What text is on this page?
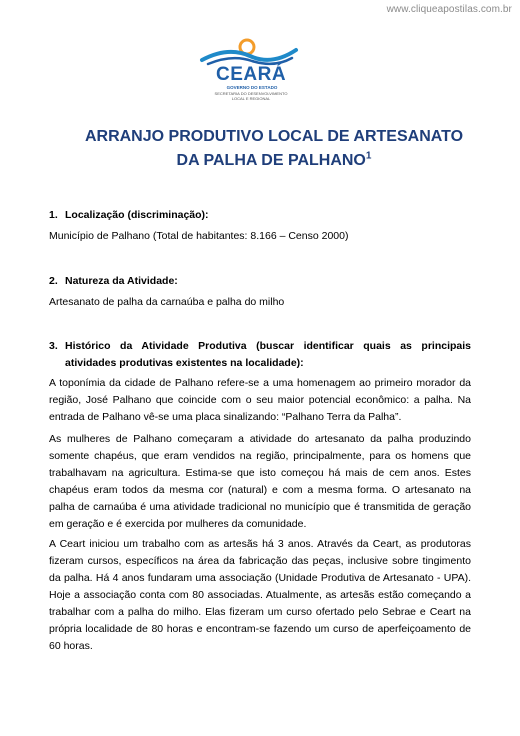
www.cliqueapostilas.com.br
CEARÁ
GOVERNO DO ESTADO
SECRETARIA DO DESENVOLVIMENTO
LOCAL E REGIONAL
ARRANJO PRODUTIVO LOCAL DE ARTESANATO
DA PALHA DE PALHANO$^1$
1. Localização (discriminação):
Município de Palhano (Total de habitantes: 8.166 – Censo 2000)
2. Natureza da Atividade:
Artesanato de palha da carnaúba e palha do milho
3. Histórico da Atividade Produtiva (buscar identificar quais as principais atividades produtivas existentes na localidade):
A toponímia da cidade de Palhano refere-se a uma homenagem ao primeiro morador da região, José Palhano que coincide com o seu maior potencial econômico: a palha. Na entrada de Palhano vê-se uma placa sinalizando: “Palhano Terra da Palha”.
As mulheres de Palhano começaram a atividade do artesanato da palha produzindo somente chapéus, que eram vendidos na região, principalmente, para os homens que trabalhavam na agricultura. Estima-se que isto começou há mais de cem anos. Estes chapéus eram todos da mesma cor (natural) e com a mesma forma. O artesanato na palha de carnaúba é uma atividade tradicional no município que é transmitida de geração em geração e é exercida por mulheres da comunidade.
A Ceart iniciou um trabalho com as artesãs há 3 anos. Através da Ceart, as produtoras fizeram cursos, específicos na área da fabricação das peças, inclusive sobre tingimento da palha. Há 4 anos fundaram uma associação (Unidade Produtiva de Artesanato - UPA). Hoje a associação conta com 80 associadas. Atualmente, as artesãs estão começando a trabalhar com a palha do milho. Elas fizeram um curso ofertado pelo Sebrae e Ceart na própria localidade de 80 horas e encontram-se fazendo um curso de aperfeiçoamento de 60 horas.
